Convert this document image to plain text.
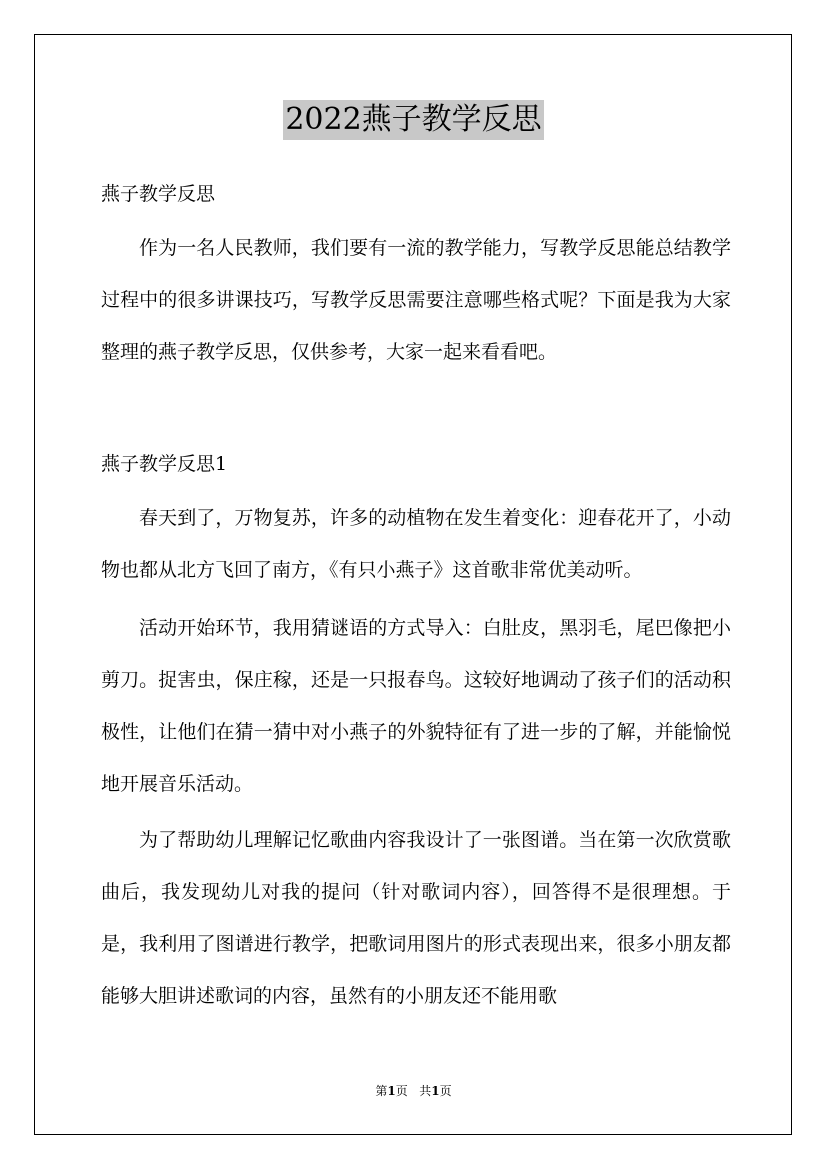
2022燕子教学反思
燕子教学反思
作为一名人民教师，我们要有一流的教学能力，写教学反思能总结教学过程中的很多讲课技巧，写教学反思需要注意哪些格式呢？下面是我为大家整理的燕子教学反思，仅供参考，大家一起来看看吧。
燕子教学反思1
春天到了，万物复苏，许多的动植物在发生着变化：迎春花开了，小动物也都从北方飞回了南方，《有只小燕子》这首歌非常优美动听。
活动开始环节，我用猜谜语的方式导入：白肚皮，黑羽毛，尾巴像把小剪刀。捉害虫，保庄稼，还是一只报春鸟。这较好地调动了孩子们的活动积极性，让他们在猜一猜中对小燕子的外貌特征有了进一步的了解，并能愉悦地开展音乐活动。
为了帮助幼儿理解记忆歌曲内容我设计了一张图谱。当在第一次欣赏歌曲后，我发现幼儿对我的提问（针对歌词内容），回答得不是很理想。于是，我利用了图谱进行教学，把歌词用图片的形式表现出来，很多小朋友都能够大胆讲述歌词的内容，虽然有的小朋友还不能用歌
第1页 共1页
